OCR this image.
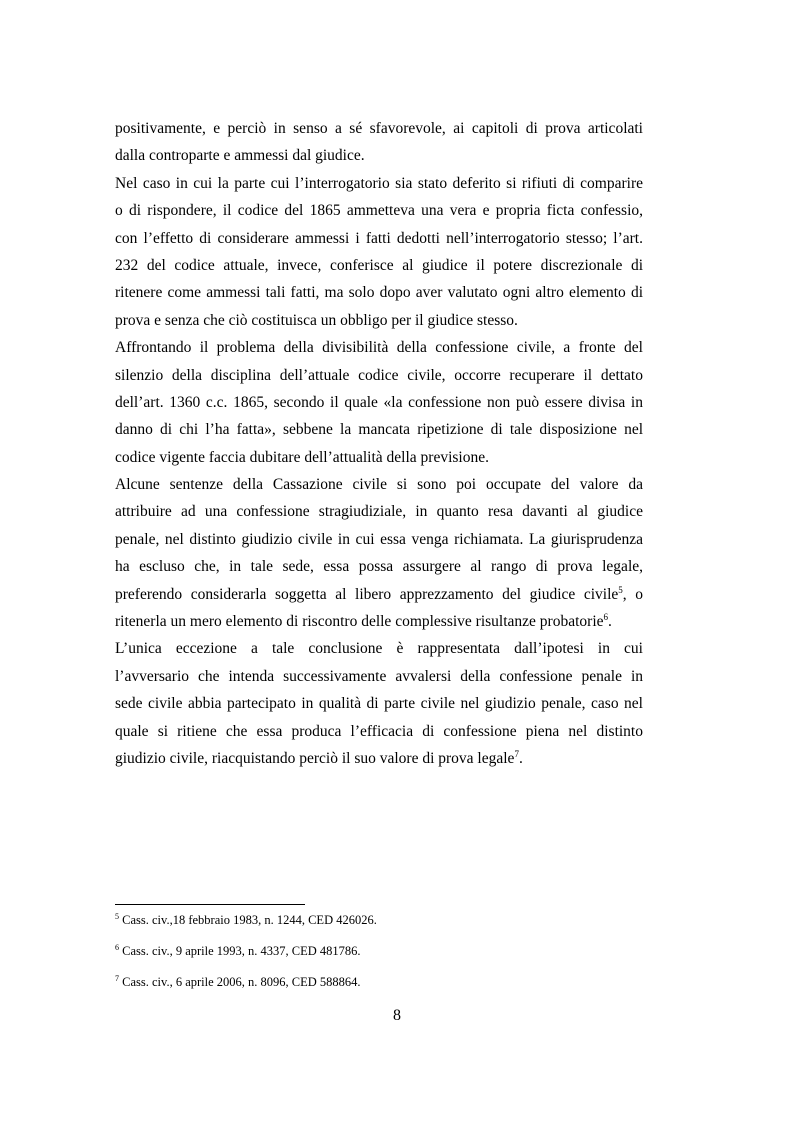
positivamente, e perciò in senso a sé sfavorevole, ai capitoli di prova articolati
dalla controparte e ammessi dal giudice.
Nel caso in cui la parte cui l’interrogatorio sia stato deferito si rifiuti di comparire
o di rispondere, il codice del 1865 ammetteva una vera e propria ficta confessio,
con l’effetto di considerare ammessi i fatti dedotti nell’interrogatorio stesso; l’art.
232 del codice attuale, invece, conferisce al giudice il potere discrezionale di
ritenere come ammessi tali fatti, ma solo dopo aver valutato ogni altro elemento di
prova e senza che ciò costituisca un obbligo per il giudice stesso.
Affrontando il problema della divisibilità della confessione civile, a fronte del
silenzio della disciplina dell’attuale codice civile, occorre recuperare il dettato
dell’art. 1360 c.c. 1865, secondo il quale «la confessione non può essere divisa in
danno di chi l’ha fatta», sebbene la mancata ripetizione di tale disposizione nel
codice vigente faccia dubitare dell’attualità della previsione.
Alcune sentenze della Cassazione civile si sono poi occupate del valore da
attribuire ad una confessione stragiudiziale, in quanto resa davanti al giudice
penale, nel distinto giudizio civile in cui essa venga richiamata. La giurisprudenza
ha escluso che, in tale sede, essa possa assurgere al rango di prova legale,
preferendo considerarla soggetta al libero apprezzamento del giudice civile$^5$, o
ritenerla un mero elemento di riscontro delle complessive risultanze probatorie$^6$.
L’unica eccezione a tale conclusione è rappresentata dall’ipotesi in cui
l’avversario che intenda successivamente avvalersi della confessione penale in
sede civile abbia partecipato in qualità di parte civile nel giudizio penale, caso nel
quale si ritiene che essa produca l’efficacia di confessione piena nel distinto
giudizio civile, riacquistando perciò il suo valore di prova legale$^7$.
$^5$ Cass. civ.,18 febbraio 1983, n. 1244, CED 426026.
$^6$ Cass. civ., 9 aprile 1993, n. 4337, CED 481786.
$^7$ Cass. civ., 6 aprile 2006, n. 8096, CED 588864.
8
